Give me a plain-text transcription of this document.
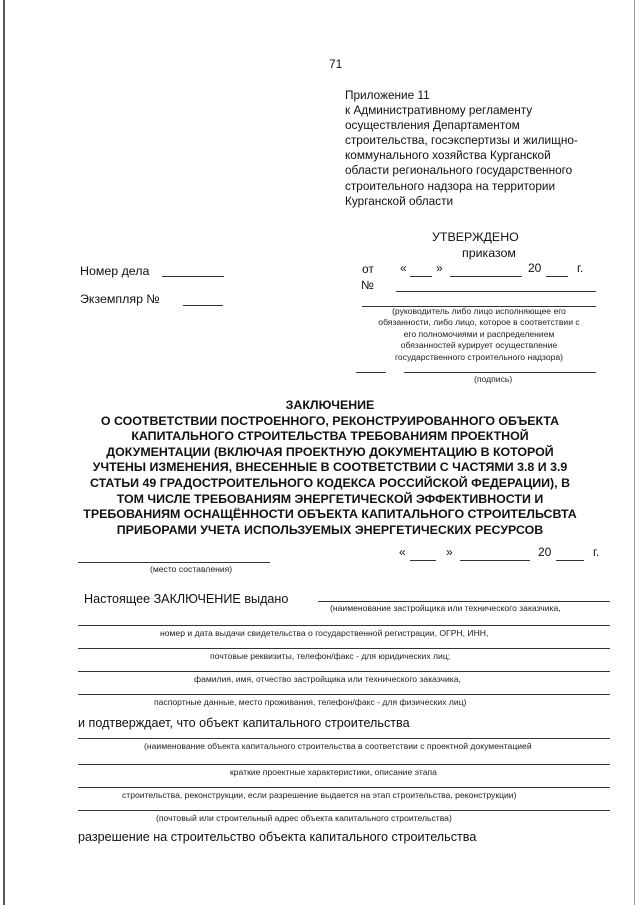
71
Приложение 11
к Административному регламенту
осуществления Департаментом
строительства, госэкспертизы и жилищно-
коммунального хозяйства Курганской
области регионального государственного
строительного надзора на территории
Курганской области
УТВЕРЖДЕНО
приказом
от « »	20	г.
№
(руководитель либо лицо исполняющее его
обязанности, либо лицо, которое в соответствии с
его полномочиями и распределением
обязанностей курирует осуществление
государственного строительного надзора)
(подпись)
Номер дела
Экземпляр №
ЗАКЛЮЧЕНИЕ
О СООТВЕТСТВИИ ПОСТРОЕННОГО, РЕКОНСТРУИРОВАННОГО ОБЪЕКТА
КАПИТАЛЬНОГО СТРОИТЕЛЬСТВА ТРЕБОВАНИЯМ ПРОЕКТНОЙ
ДОКУМЕНТАЦИИ (ВКЛЮЧАЯ ПРОЕКТНУЮ ДОКУМЕНТАЦИЮ В КОТОРОЙ
УЧТЕНЫ ИЗМЕНЕНИЯ, ВНЕСЕННЫЕ В СООТВЕТСТВИИ С ЧАСТЯМИ 3.8 И 3.9
СТАТЬИ 49 ГРАДОСТРОИТЕЛЬНОГО КОДЕКСА РОССИЙСКОЙ ФЕДЕРАЦИИ), В
ТОМ ЧИСЛЕ ТРЕБОВАНИЯМ ЭНЕРГЕТИЧЕСКОЙ ЭФФЕКТИВНОСТИ И
ТРЕБОВАНИЯМ ОСНАЩЁННОСТИ ОБЪЕКТА КАПИТАЛЬНОГО СТРОИТЕЛЬСВТА
ПРИБОРАМИ УЧЕТА ИСПОЛЬЗУЕМЫХ ЭНЕРГЕТИЧЕСКИХ РЕСУРСОВ
(место составления)
«	»	20	г.
Настоящее ЗАКЛЮЧЕНИЕ выдано
(наименование застройщика или технического заказчика,
номер и дата выдачи свидетельства о государственной регистрации, ОГРН, ИНН,
почтовые реквизиты, телефон/факс - для юридических лиц;
фамилия, имя, отчество застройщика или технического заказчика,
паспортные данные, место проживания, телефон/факс - для физических лиц)
и подтверждает, что объект капитального строительства
(наименование объекта капитального строительства в соответствии с проектной документацией
краткие проектные характеристики, описание этапа
строительства, реконструкции, если разрешение выдается на этап строительства, реконструкции)
(почтовый или строительный адрес объекта капитального строительства)
разрешение на строительство объекта капитального строительства
